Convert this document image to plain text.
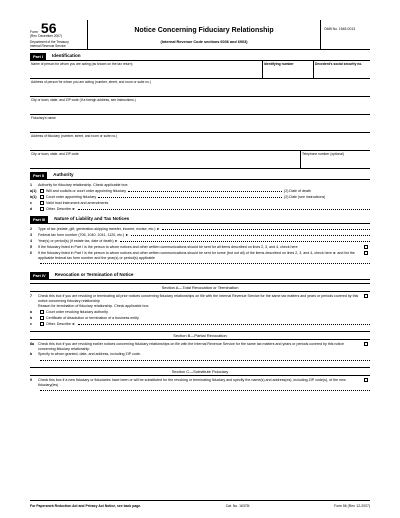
Form 56
(Rev. December 2007)
Department of the Treasury
Internal Revenue Service
Notice Concerning Fiduciary Relationship
(Internal Revenue Code sections 6036 and 6903)
OMB No. 1545-0013
Part I	Identification
Name of person for whom you are acting (as shown on the tax return)	Identifying number	Decedent's social security no.
Address of person for whom you are acting (number, street, and room or suite no.)
City or town, state, and ZIP code (If a foreign address, see instructions.)
Fiduciary's name
Address of fiduciary (number, street, and room or suite no.)
City or town, state, and ZIP code	Telephone number (optional)
Part II	Authority
1	Authority for fiduciary relationship. Check applicable box:
a(1)	Will and codicils or court order appointing fiduciary	(2) Date of death
b(1)	Court order appointing fiduciary	(2) Date (see instructions)
c	Valid trust instrument and amendments
d	Other. Describe ►
Part III	Nature of Liability and Tax Notices
2	Type of tax (estate, gift, generation-skipping transfer, income, excise, etc.) ►
3	Federal tax form number (706, 1040, 1041, 1120, etc.) ►
4	Year(s) or period(s) (if estate tax, date of death) ►
5	If the fiduciary listed in Part I is the person to whom notices and other written communications should be sent for all items described on lines 2, 3, and 4, check here
6	If the fiduciary listed in Part I is the person to whom notices and other written communications should be sent for some (but not all) of the items described on lines 2, 3, and 4, check here ► and list the applicable federal tax form number and the year(s) or period(s) applicable
Part IV	Revocation or Termination of Notice
Section A—Total Revocation or Termination
7	Check this box if you are revoking or terminating all prior notices concerning fiduciary relationships on file with the Internal Revenue Service for the same tax matters and years or periods covered by this notice concerning fiduciary relationship
Reason for termination of fiduciary relationship. Check applicable box.
a	Court order revoking fiduciary authority
b	Certificate of dissolution or termination of a business entity
c	Other. Describe ►
Section B—Partial Revocation
8a	Check this box if you are revoking earlier notices concerning fiduciary relationships on file with the Internal Revenue Service for the same tax matters and years or periods covered by this notice concerning fiduciary relationship
b	Specify to whom granted, date, and address, including ZIP code.
Section C—Substitute Fiduciary
9	Check this box if a new fiduciary or fiduciaries have been or will be substituted for the revoking or terminating fiduciary and specify the name(s) and address(es), including ZIP code(s), of the new fiduciary(ies)
For Paperwork Reduction Act and Privacy Act Notice, see back page.	Cat. No. 16375I	Form 56 (Rev. 12-2007)
